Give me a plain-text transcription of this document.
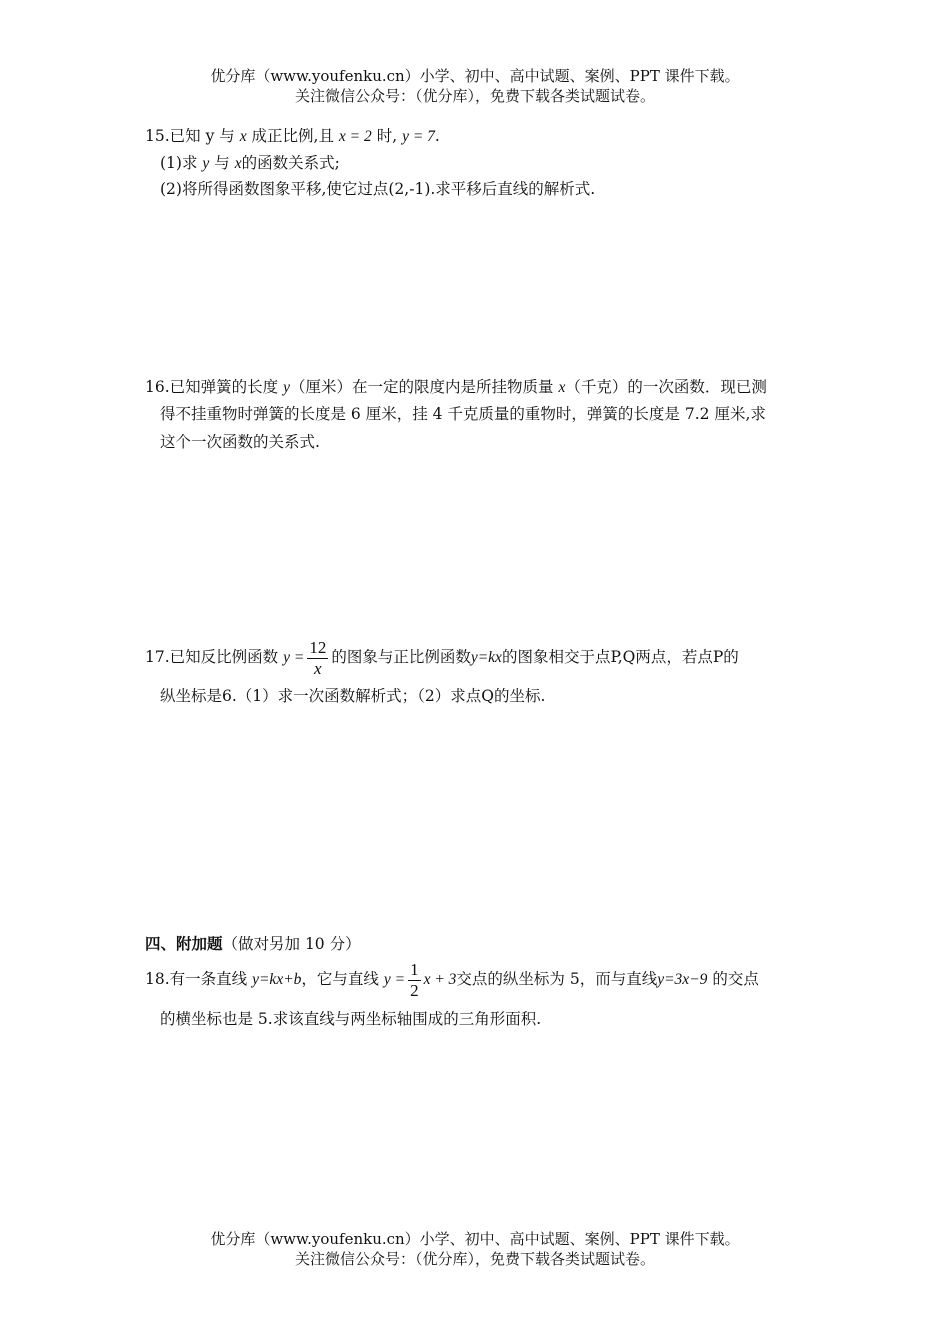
优分库（www.youfenku.cn）小学、初中、高中试题、案例、PPT 课件下载。
关注微信公众号：（优分库），免费下载各类试题试卷。
15.已知 y 与 x 成正比例,且 x = 2 时, y = 7.
(1)求 y 与 x的函数关系式;
(2)将所得函数图象平移,使它过点(2,-1).求平移后直线的解析式.
16.已知弹簧的长度 y（厘米）在一定的限度内是所挂物质量 x（千克）的一次函数．现已测
得不挂重物时弹簧的长度是 6 厘米，挂 4 千克质量的重物时，弹簧的长度是 7.2 厘米,求
这个一次函数的关系式.
17.已知反比例函数 $y = \frac{12}{x}$ 的图象与正比例函数y=kx的图象相交于点P,Q两点，若点P的
纵坐标是6.（1）求一次函数解析式；（2）求点Q的坐标.
四、附加题（做对另加 10 分）
18.有一条直线 y=kx+b，它与直线 $y = \frac{1}{2}$ x + 3交点的纵坐标为 5，而与直线y=3x−9 的交点
的横坐标也是 5.求该直线与两坐标轴围成的三角形面积.
优分库（www.youfenku.cn）小学、初中、高中试题、案例、PPT 课件下载。
关注微信公众号：（优分库），免费下载各类试题试卷。
